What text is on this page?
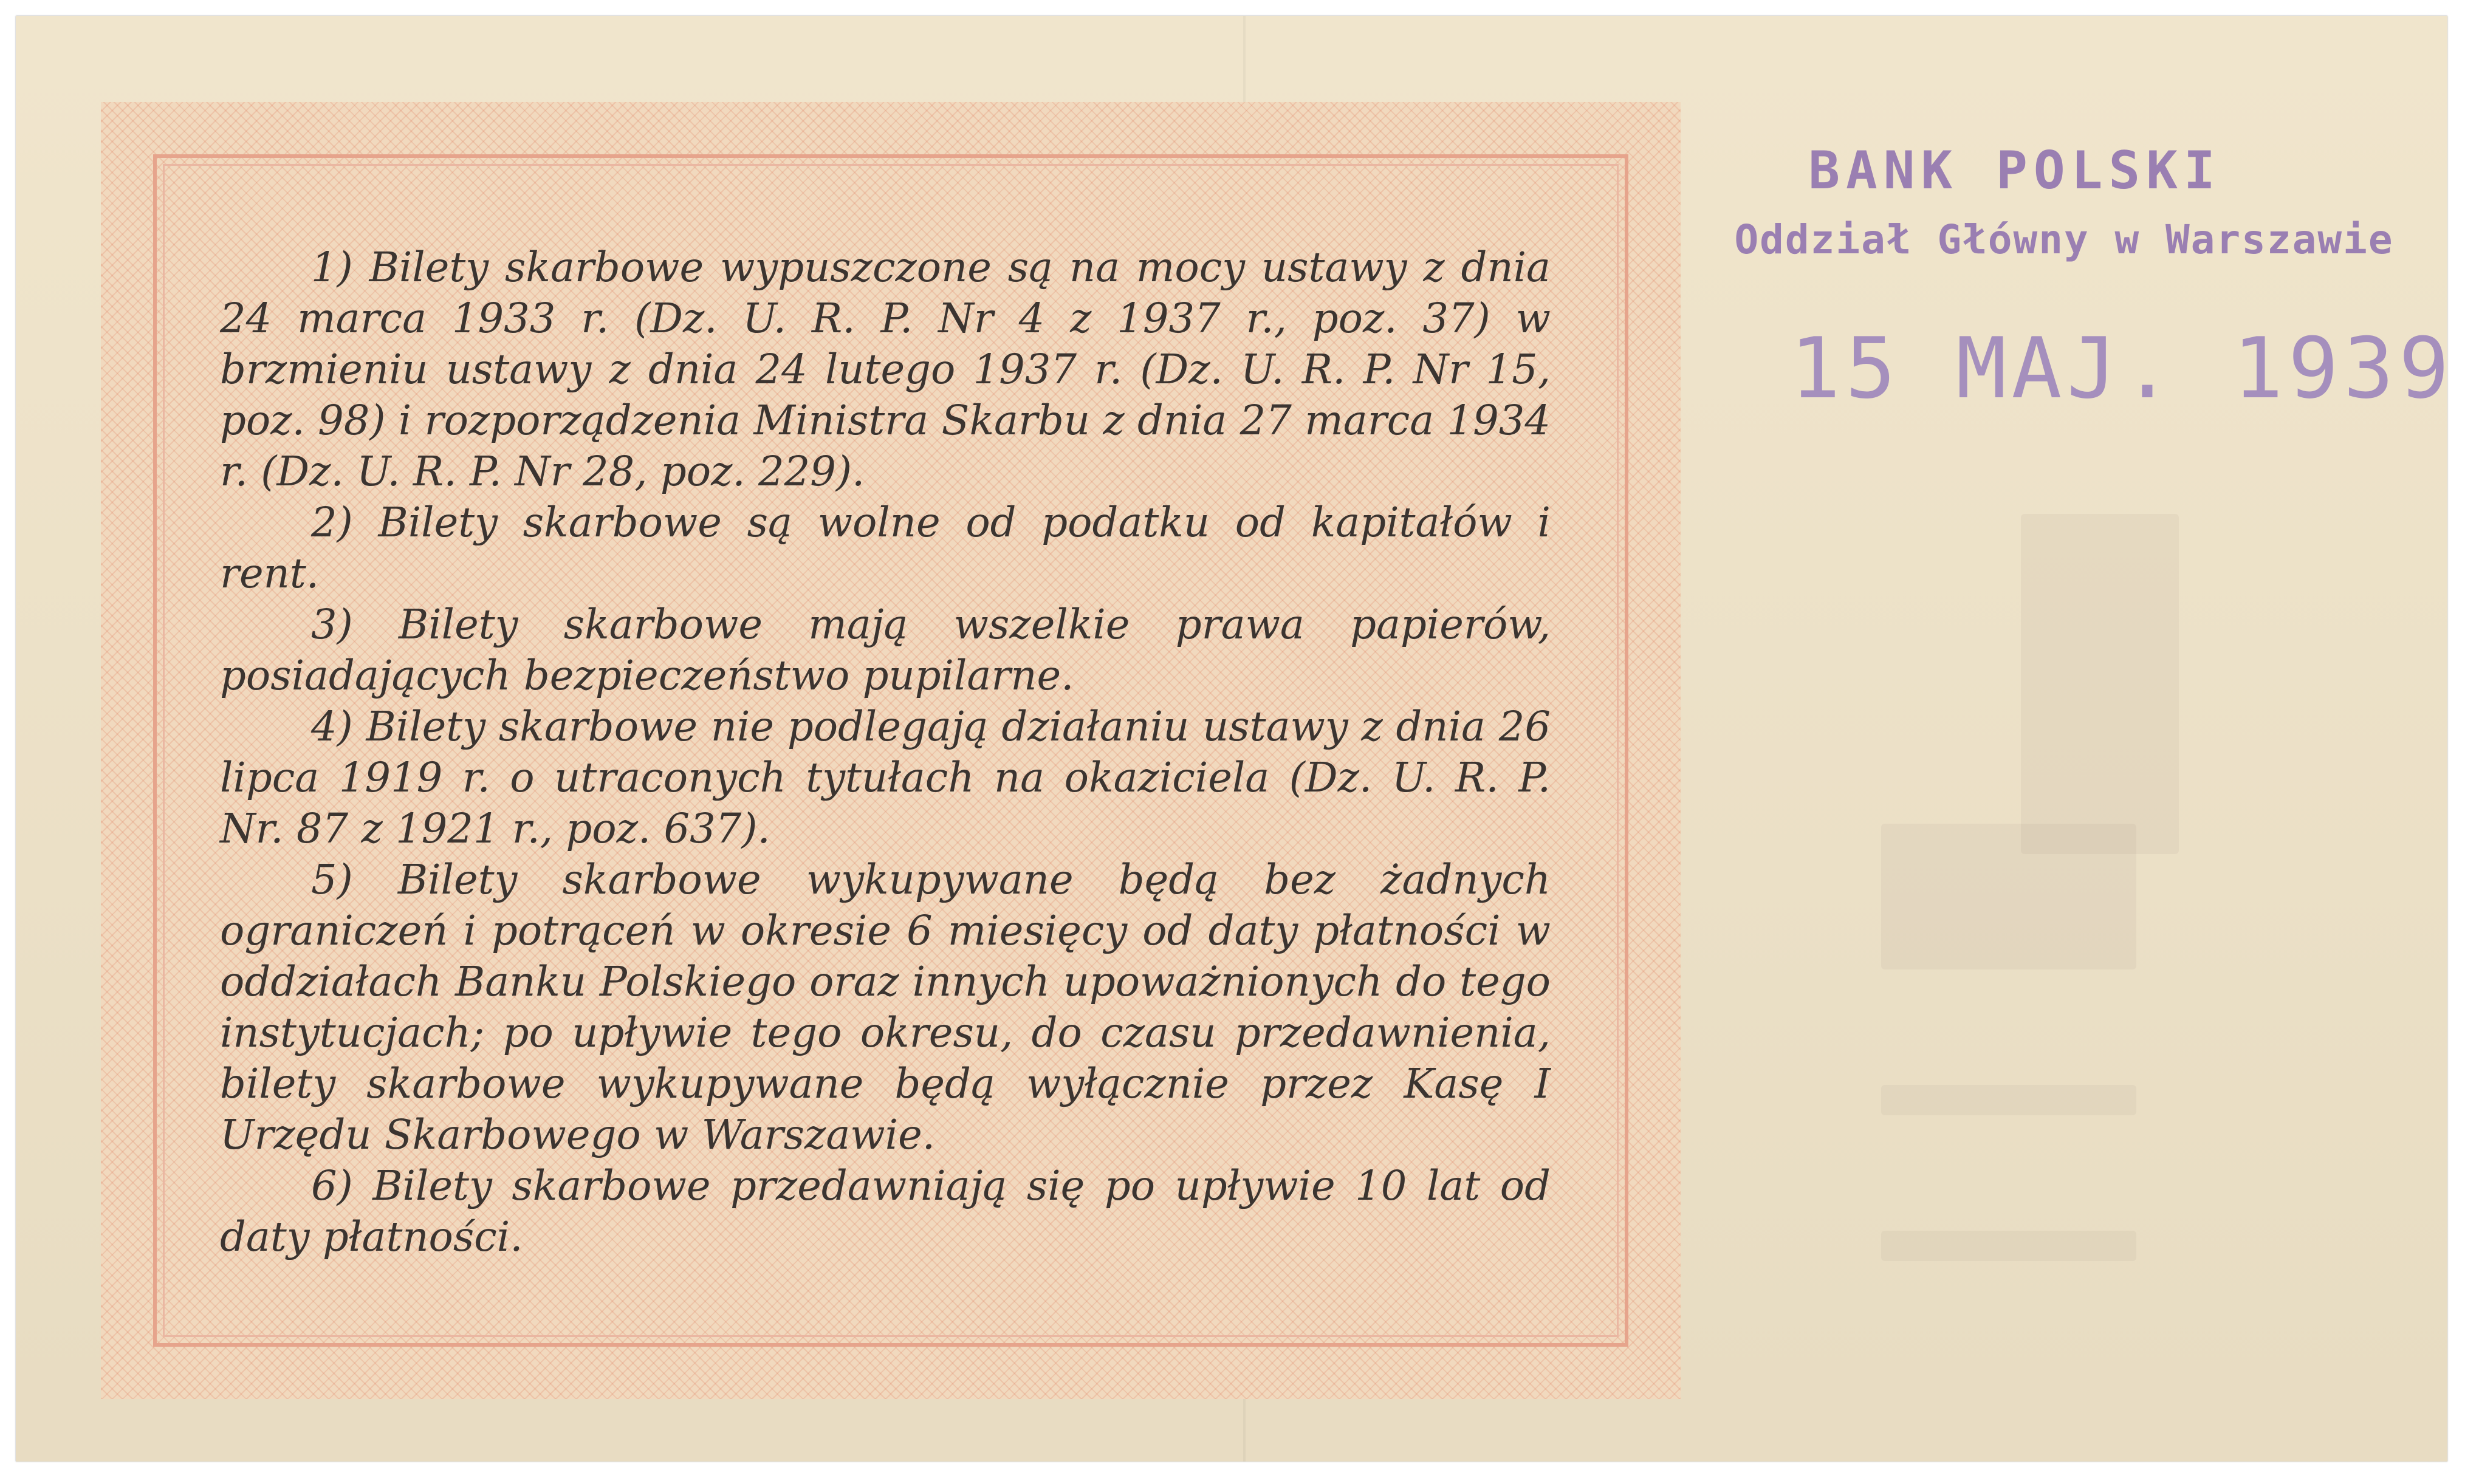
1) Bilety skarbowe wypuszczone są na mocy ustawy z dnia 24 marca 1933 r. (Dz. U. R. P. Nr 4 z 1937 r., poz. 37) w brzmieniu ustawy z dnia 24 lutego 1937 r. (Dz. U. R. P. Nr 15, poz. 98) i rozporządzenia Ministra Skarbu z dnia 27 marca 1934 r. (Dz. U. R. P. Nr 28, poz. 229).

2) Bilety skarbowe są wolne od podatku od kapitałów i rent.

3) Bilety skarbowe mają wszelkie prawa papierów, posiadających bezpieczeństwo pupilarne.

4) Bilety skarbowe nie podlegają działaniu ustawy z dnia 26 lipca 1919 r. o utraconych tytułach na okaziciela (Dz. U. R. P. Nr. 87 z 1921 r., poz. 637).

5) Bilety skarbowe wykupywane będą bez żadnych ograniczeń i potrąceń w okresie 6 miesięcy od daty płatności w oddziałach Banku Polskiego oraz innych upoważnionych do tego instytucjach; po upływie tego okresu, do czasu przedawnienia, bilety skarbowe wykupywane będą wyłącznie przez Kasę I Urzędu Skarbowego w Warszawie.

6) Bilety skarbowe przedawniają się po upływie 10 lat od daty płatności.

BANK POLSKI
Oddział Główny w Warszawie
15 MAJ. 1939
